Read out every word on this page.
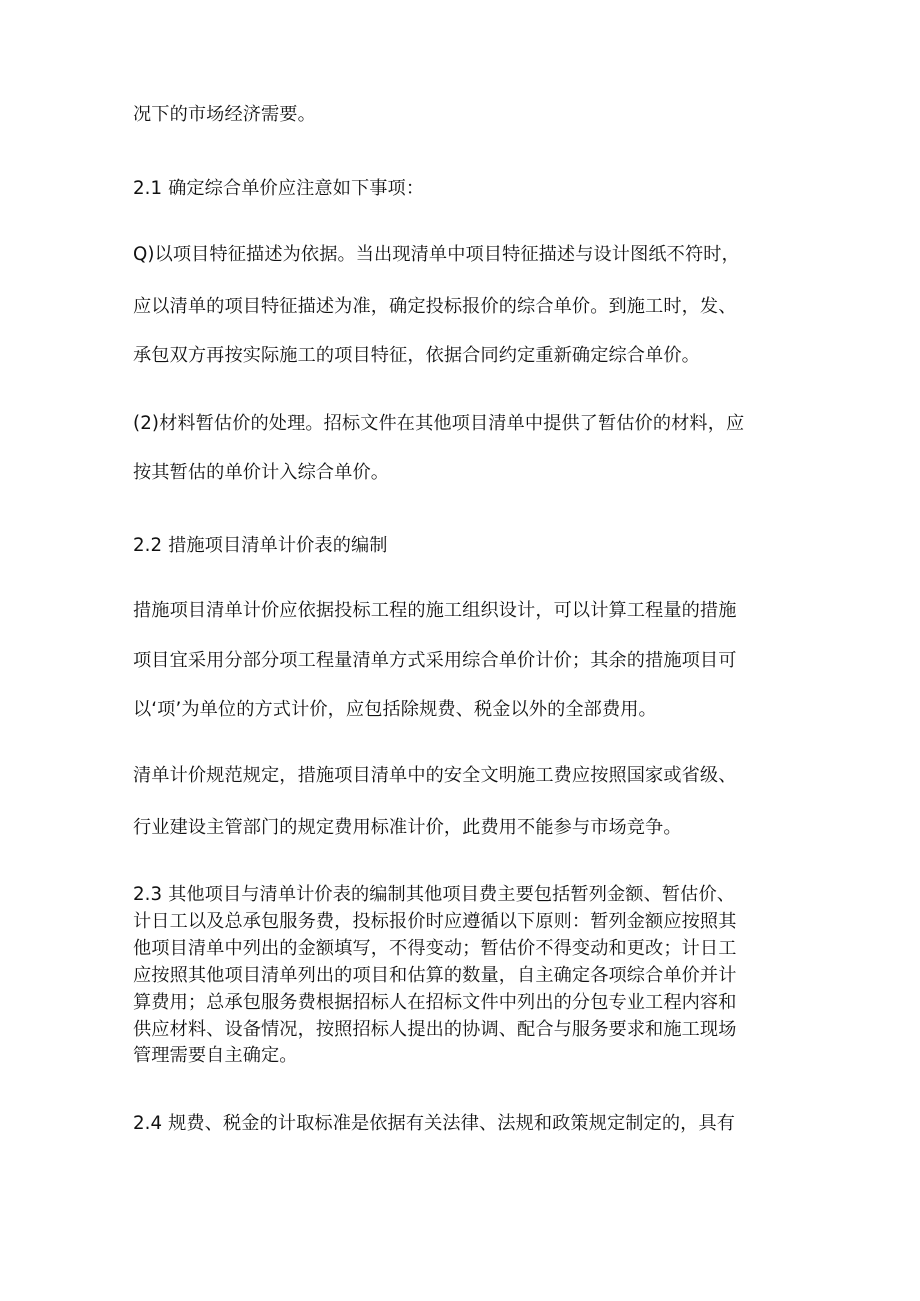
况下的市场经济需要。
2.1 确定综合单价应注意如下事项：
Q)以项目特征描述为依据。当出现清单中项目特征描述与设计图纸不符时，
应以清单的项目特征描述为准，确定投标报价的综合单价。到施工时，发、
承包双方再按实际施工的项目特征，依据合同约定重新确定综合单价。
(2)材料暂估价的处理。招标文件在其他项目清单中提供了暂估价的材料，应
按其暂估的单价计入综合单价。
2.2 措施项目清单计价表的编制
措施项目清单计价应依据投标工程的施工组织设计，可以计算工程量的措施
项目宜采用分部分项工程量清单方式采用综合单价计价；其余的措施项目可
以‘项’为单位的方式计价，应包括除规费、税金以外的全部费用。
清单计价规范规定，措施项目清单中的安全文明施工费应按照国家或省级、
行业建设主管部门的规定费用标准计价，此费用不能参与市场竞争。
2.3 其他项目与清单计价表的编制其他项目费主要包括暂列金额、暂估价、
计日工以及总承包服务费，投标报价时应遵循以下原则：暂列金额应按照其
他项目清单中列出的金额填写，不得变动；暂估价不得变动和更改；计日工
应按照其他项目清单列出的项目和估算的数量，自主确定各项综合单价并计
算费用；总承包服务费根据招标人在招标文件中列出的分包专业工程内容和
供应材料、设备情况，按照招标人提出的协调、配合与服务要求和施工现场
管理需要自主确定。
2.4 规费、税金的计取标准是依据有关法律、法规和政策规定制定的，具有
